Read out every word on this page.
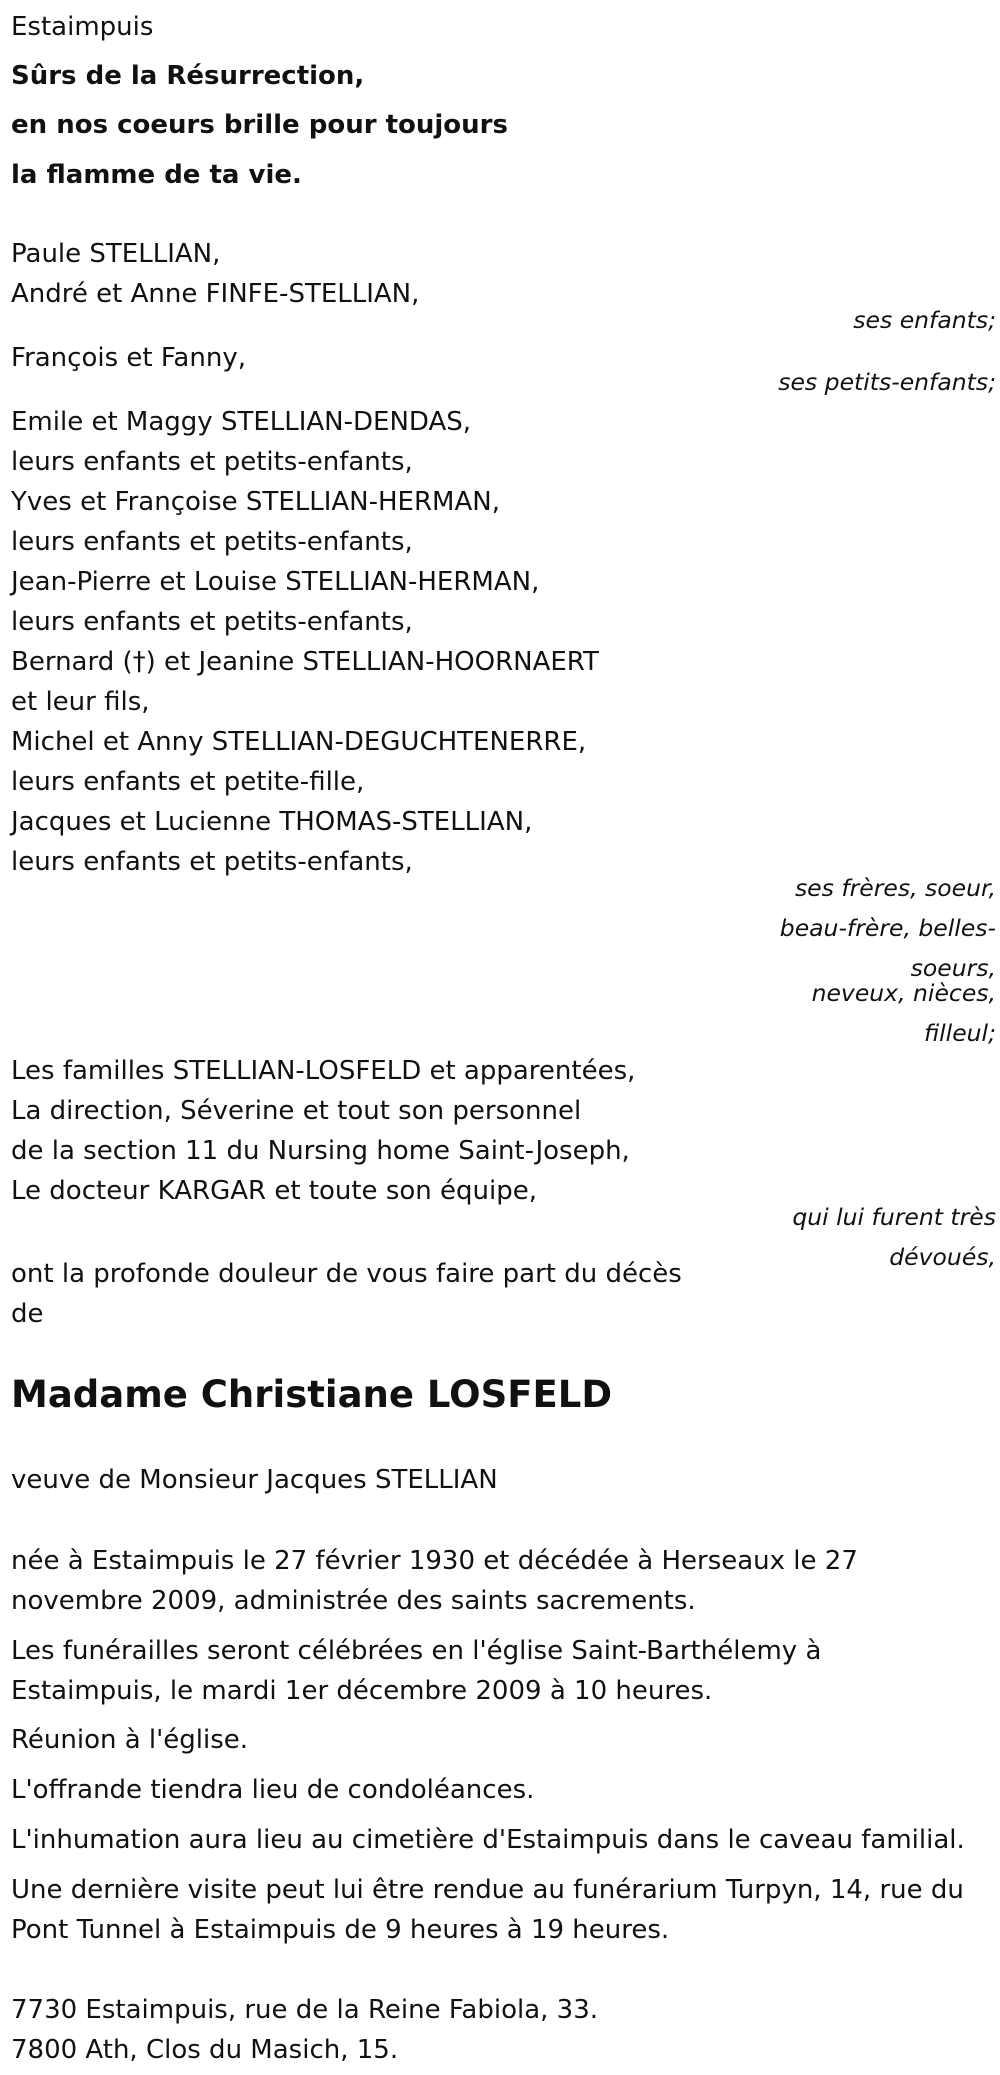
Estaimpuis
Sûrs de la Résurrection,
en nos coeurs brille pour toujours
la flamme de ta vie.
Paule STELLIAN,
André et Anne FINFE-STELLIAN,
ses enfants;
François et Fanny,
ses petits-enfants;
Emile et Maggy STELLIAN-DENDAS,
leurs enfants et petits-enfants,
Yves et Françoise STELLIAN-HERMAN,
leurs enfants et petits-enfants,
Jean-Pierre et Louise STELLIAN-HERMAN,
leurs enfants et petits-enfants,
Bernard (†) et Jeanine STELLIAN-HOORNAERT
et leur fils,
Michel et Anny STELLIAN-DEGUCHTENERRE,
leurs enfants et petite-fille,
Jacques et Lucienne THOMAS-STELLIAN,
leurs enfants et petits-enfants,
ses frères, soeur,
beau-frère, belles-
soeurs,
neveux, nièces,
filleul;
Les familles STELLIAN-LOSFELD et apparentées,
La direction, Séverine et tout son personnel
de la section 11 du Nursing home Saint-Joseph,
Le docteur KARGAR et toute son équipe,
qui lui furent très
dévoués,
ont la profonde douleur de vous faire part du décès
de
Madame Christiane LOSFELD
veuve de Monsieur Jacques STELLIAN
née à Estaimpuis le 27 février 1930 et décédée à Herseaux le 27
novembre 2009, administrée des saints sacrements.
Les funérailles seront célébrées en l'église Saint-Barthélemy à
Estaimpuis, le mardi 1er décembre 2009 à 10 heures.
Réunion à l'église.
L'offrande tiendra lieu de condoléances.
L'inhumation aura lieu au cimetière d'Estaimpuis dans le caveau familial.
Une dernière visite peut lui être rendue au funérarium Turpyn, 14, rue du
Pont Tunnel à Estaimpuis de 9 heures à 19 heures.
7730 Estaimpuis, rue de la Reine Fabiola, 33.
7800 Ath, Clos du Masich, 15.
